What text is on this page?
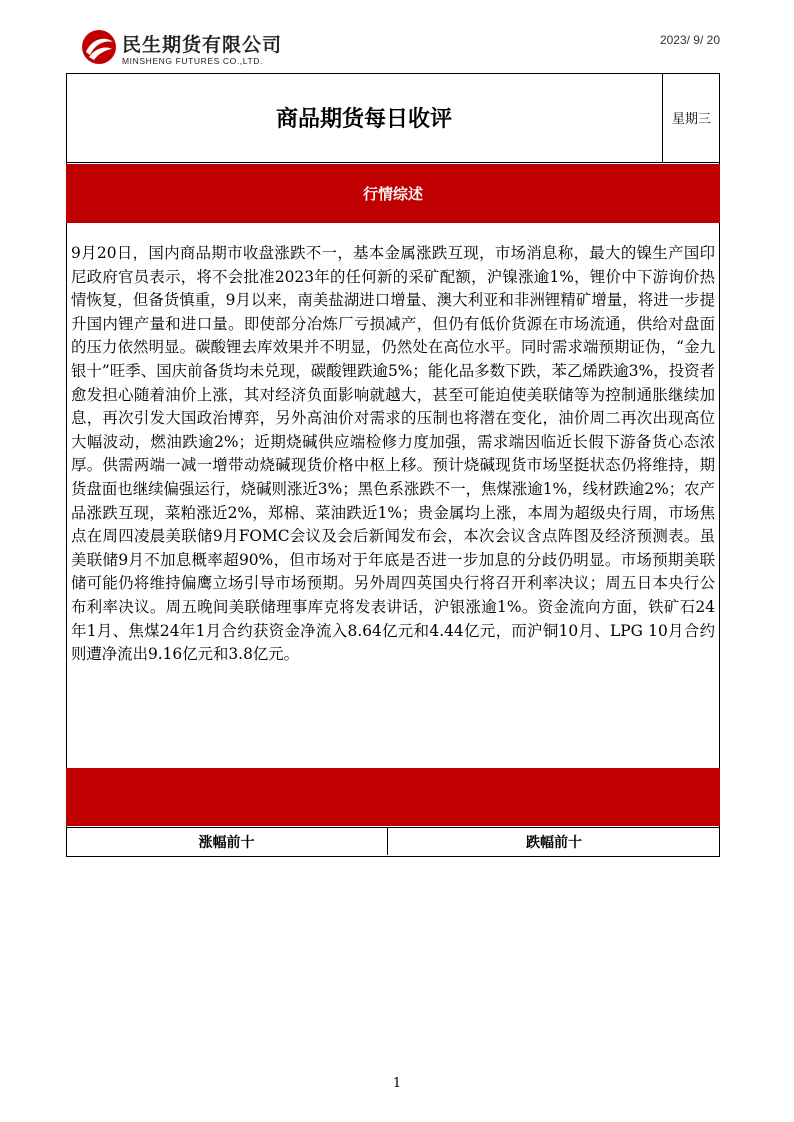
民生期货有限公司
MINSHENG FUTURES CO.,LTD.
2023/ 9/ 20
商品期货每日收评	星期三
行情综述
9月20日，国内商品期市收盘涨跌不一，基本金属涨跌互现，市场消息称，最大的镍生产国印尼政府官员表示，将不会批准2023年的任何新的采矿配额，沪镍涨逾1%，锂价中下游询价热情恢复，但备货慎重，9月以来，南美盐湖进口增量、澳大利亚和非洲锂精矿增量，将进一步提升国内锂产量和进口量。即使部分冶炼厂亏损减产，但仍有低价货源在市场流通，供给对盘面的压力依然明显。碳酸锂去库效果并不明显，仍然处在高位水平。同时需求端预期证伪，“金九银十”旺季、国庆前备货均未兑现，碳酸锂跌逾5%；能化品多数下跌，苯乙烯跌逾3%，投资者愈发担心随着油价上涨，其对经济负面影响就越大，甚至可能迫使美联储等为控制通胀继续加息，再次引发大国政治博弈，另外高油价对需求的压制也将潜在变化，油价周二再次出现高位大幅波动，燃油跌逾2%；近期烧碱供应端检修力度加强，需求端因临近长假下游备货心态浓厚。供需两端一减一增带动烧碱现货价格中枢上移。预计烧碱现货市场坚挺状态仍将维持，期货盘面也继续偏强运行，烧碱则涨近3%；黑色系涨跌不一，焦煤涨逾1%，线材跌逾2%；农产品涨跌互现，菜粕涨近2%，郑棉、菜油跌近1%；贵金属均上涨，本周为超级央行周，市场焦点在周四凌晨美联储9月FOMC会议及会后新闻发布会，本次会议含点阵图及经济预测表。虽美联储9月不加息概率超90%，但市场对于年底是否进一步加息的分歧仍明显。市场预期美联储可能仍将维持偏鹰立场引导市场预期。另外周四英国央行将召开利率决议；周五日本央行公布利率决议。周五晚间美联储理事库克将发表讲话，沪银涨逾1%。资金流向方面，铁矿石24年1月、焦煤24年1月合约获资金净流入8.64亿元和4.44亿元，而沪铜10月、LPG 10月合约则遭净流出9.16亿元和3.8亿元。
涨幅前十	跌幅前十
1
